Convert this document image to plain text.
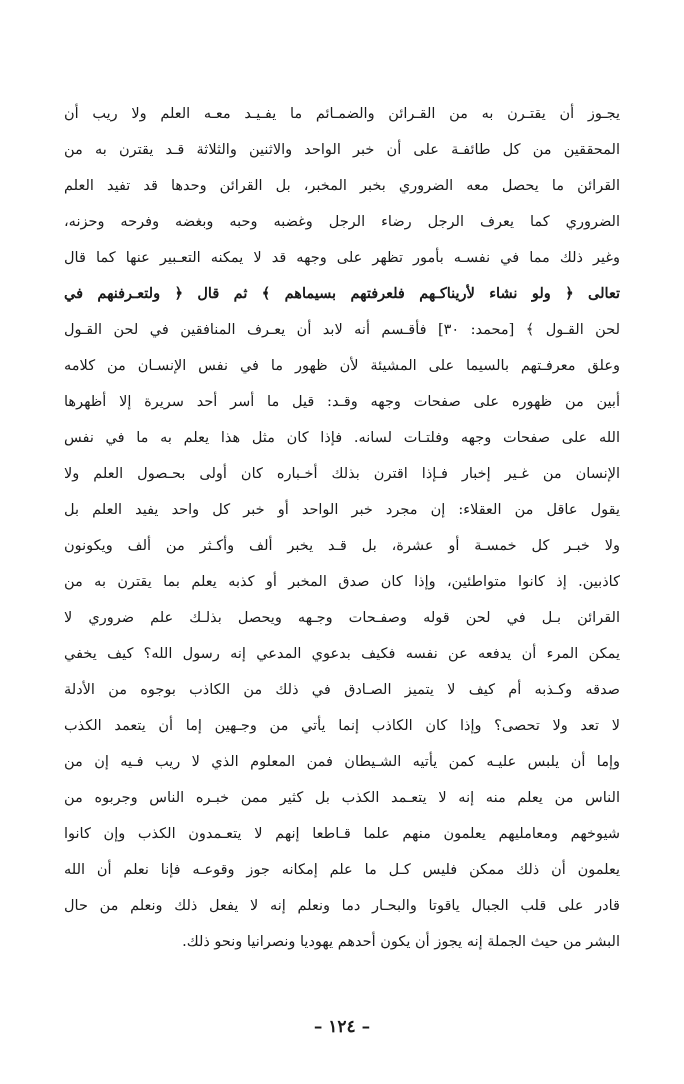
يجـوز أن يقتـرن به من القـرائن والضمـائم ما يفـيـد معـه العلم ولا ريب أن
المحققين من كل طائفـة على أن خبر الواحد والاثنين والثلاثة قـد يقترن به من
القرائن ما يحصل معه الضروري بخبر المخبر، بل القرائن وحدها قد تفيد العلم
الضروري كما يعرف الرجل رضاء الرجل وغضبه وحبه وبغضه وفرحه وحزنه،
وغير ذلك مما في نفسـه بأمور تظهر على وجهه قد لا يمكنه التعـبير عنها كما قال
تعالى ﴿ ولو نشاء لأريناكـهم فلعرفتهم بسيماهم ﴾ ثم قال ﴿ ولتعـرفنهم في
لحن القـول ﴾ [محمد: ٣٠] فأقـسم أنه لابد أن يعـرف المنافقين في لحن القـول
وعلق معرفـتهم بالسيما على المشيئة لأن ظهور ما في نفس الإنسـان من كلامه
أبين من ظهوره على صفحات وجهه وقـد: قيل ما أسر أحد سريرة إلا أظهرها
الله على صفحات وجهه وفلتـات لسانه. فإذا كان مثل هذا يعلم به ما في نفس
الإنسان من غـير إخبار فـإذا اقترن بذلك أخـباره كان أولى بحـصول العلم ولا
يقول عاقل من العقلاء: إن مجرد خبر الواحد أو خبر كل واحد يفيد العلم بل
ولا خبـر كل خمسـة أو عشرة، بل قـد يخبر ألف وأكـثر من ألف ويكونون
كاذبين. إذ كانوا متواطئين، وإذا كان صدق المخبر أو كذبه يعلم بما يقترن به من
القرائن بـل في لحن قوله وصفـحات وجـهه ويحصل بذلـك علم ضروري لا
يمكن المرء أن يدفعه عن نفسه فكيف بدعوي المدعي إنه رسول الله؟ كيف يخفي
صدقه وكـذبه أم كيف لا يتميز الصـادق في ذلك من الكاذب بوجوه من الأدلة
لا تعد ولا تحصى؟ وإذا كان الكاذب إنما يأتي من وجـهين إما أن يتعمد الكذب
وإما أن يلبس عليـه كمن يأتيه الشـيطان فمن المعلوم الذي لا ريب فـيه إن من
الناس من يعلم منه إنه لا يتعـمد الكذب بل كثير ممن خبـره الناس وجربوه من
شيوخهم ومعامليهم يعلمون منهم علما قـاطعا إنهم لا يتعـمدون الكذب وإن كانوا
يعلمون أن ذلك ممكن فليس كـل ما علم إمكانه جوز وقوعـه فإنا نعلم أن الله
قادر على قلب الجبال ياقوتا والبحـار دما ونعلم إنه لا يفعل ذلك ونعلم من حال
البشر من حيث الجملة إنه يجوز أن يكون أحدهم يهوديا ونصرانيا ونحو ذلك.
– ١٢٤ –
